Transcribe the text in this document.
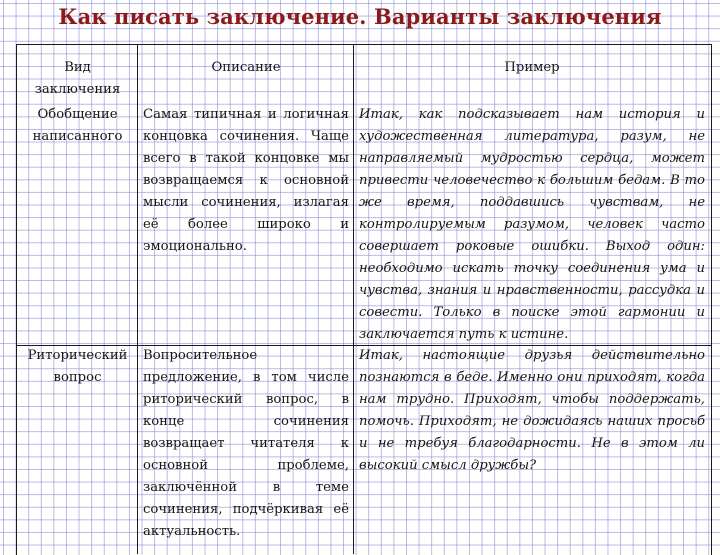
Как писать заключение. Варианты заключения
Вид заключения
Описание	Пример
Обобщение написанного
Самая типичная и логичная концовка сочинения. Чаще всего в такой концовке мы возвращаемся к основной мысли сочинения, излагая её более широко и эмоционально.
Итак, как подсказывает нам история и художественная литература, разум, не направляемый мудростью сердца, может привести человечество к большим бедам. В то же время, поддавшись чувствам, не контролируемым разумом, человек часто совершает роковые ошибки. Выход один: необходимо искать точку соединения ума и чувства, знания и нравственности, рассудка и совести. Только в поиске этой гармонии и заключается путь к истине.
Риторический вопрос
Вопросительное предложение, в том числе риторический вопрос, в конце сочинения возвращает читателя к основной проблеме, заключённой в теме сочинения, подчёркивая её актуальность.
Итак, настоящие друзья действительно познаются в беде. Именно они приходят, когда нам трудно. Приходят, чтобы поддержать, помочь. Приходят, не дожидаясь наших просьб и не требуя благодарности. Не в этом ли высокий смысл дружбы?
